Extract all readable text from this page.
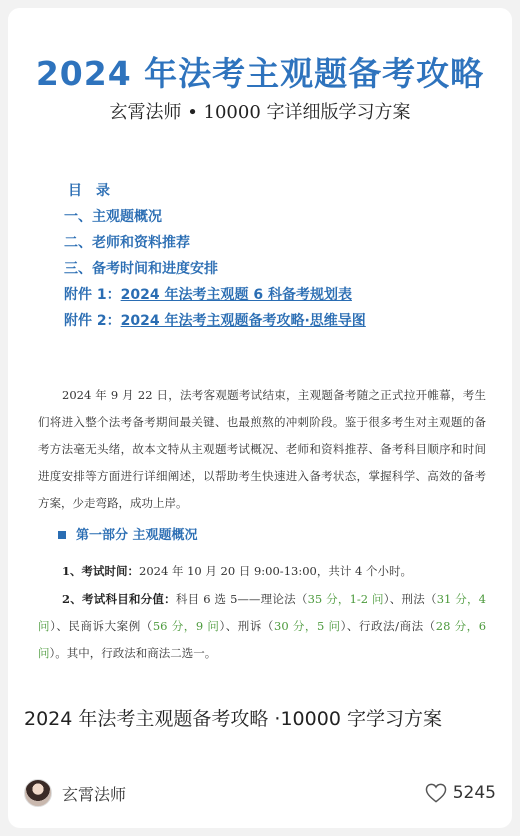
2024 年法考主观题备考攻略
玄霄法师 • 10000 字详细版学习方案
目录
一、主观题概况
二、老师和资料推荐
三、备考时间和进度安排
附件 1：2024 年法考主观题 6 科备考规划表
附件 2：2024 年法考主观题备考攻略·思维导图
2024 年 9 月 22 日，法考客观题考试结束，主观题备考随之正式拉开帷幕，考生们将进入整个法考备考期间最关键、也最煎熬的冲刺阶段。鉴于很多考生对主观题的备考方法毫无头绪，故本文特从主观题考试概况、老师和资料推荐、备考科目顺序和时间进度安排等方面进行详细阐述，以帮助考生快速进入备考状态，掌握科学、高效的备考方案，少走弯路，成功上岸。
第一部分 主观题概况
1、考试时间：2024 年 10 月 20 日 9:00-13:00，共计 4 个小时。
2、考试科目和分值：科目 6 选 5——理论法（35 分，1-2 问）、刑法（31 分，4 问）、民商诉大案例（56 分，9 问）、刑诉（30 分，5 问）、行政法/商法（28 分，6 问）。其中，行政法和商法二选一。
2024 年法考主观题备考攻略 ·10000 字学习方案
玄霄法师	5245
